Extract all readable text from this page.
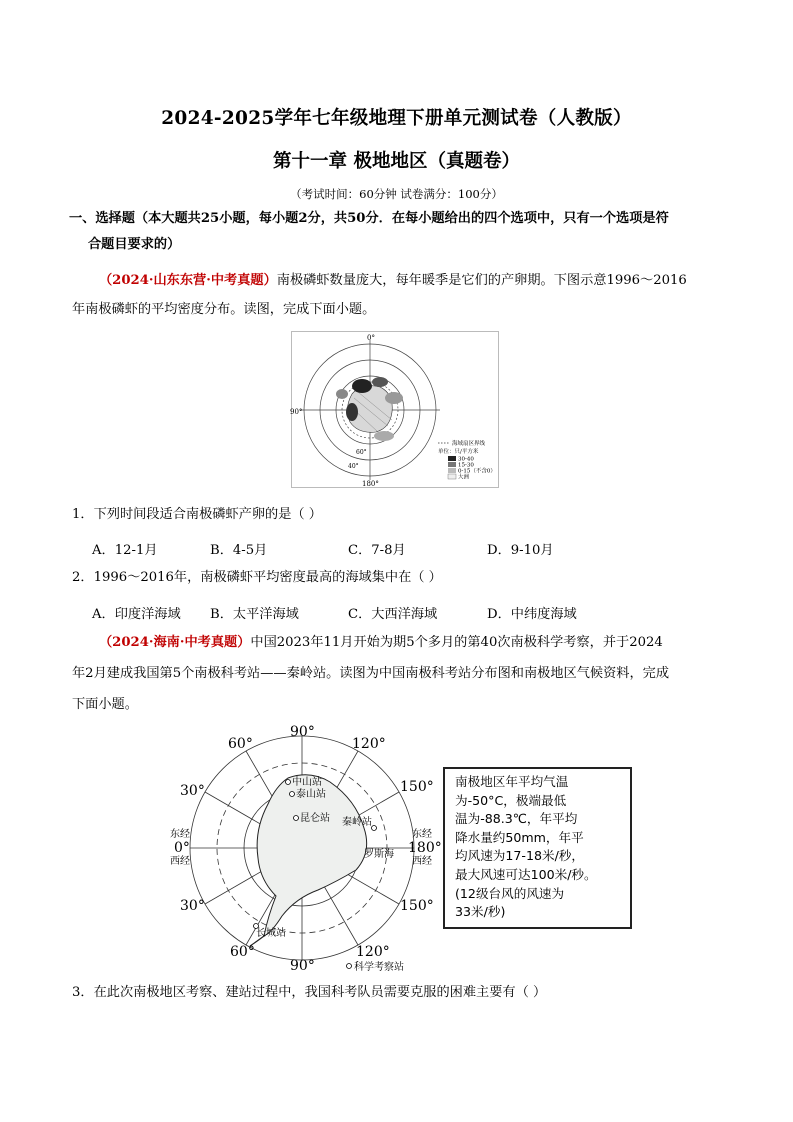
2024-2025学年七年级地理下册单元测试卷（人教版）
第十一章 极地地区（真题卷）
（考试时间：60分钟 试卷满分：100分）
一、选择题（本大题共25小题，每小题2分，共50分．在每小题给出的四个选项中，只有一个选项是符
合题目要求的）
（2024·山东东营·中考真题）南极磷虾数量庞大，每年暖季是它们的产卵期。下图示意1996～2016
年南极磷虾的平均密度分布。读图，完成下面小题。
0°
90°
180°
60°
40°
海域扇区界线
单位：只/平方米
30-40
15-30
0-15（不含0）
大洲
1．下列时间段适合南极磷虾产卵的是（ ）
A．12-1月	B．4-5月	C．7-8月	D．9-10月
2．1996～2016年，南极磷虾平均密度最高的海域集中在（ ）
A．印度洋海域 B．太平洋海域	C．大西洋海域	D．中纬度海域
（2024·海南·中考真题）中国2023年11月开始为期5个多月的第40次南极科学考察，并于2024
年2月建成我国第5个南极科考站——秦岭站。读图为中国南极科考站分布图和南极地区气候资料，完成
下面小题。
中山站
泰山站
昆仑站 秦岭站
罗斯海
长城站
60°
90°
120°
30°	150°
东经
0°
西经
东经
180°
西经
30°	150°
60°
90°
120°
科学考察站
南极地区年平均气温
为-50°C，极端最低
温为-88.3℃，年平均
降水量约50mm，年平
均风速为17-18米/秒，
最大风速可达100米/秒。
(12级台风的风速为
33米/秒)
3．在此次南极地区考察、建站过程中，我国科考队员需要克服的困难主要有（ ）
